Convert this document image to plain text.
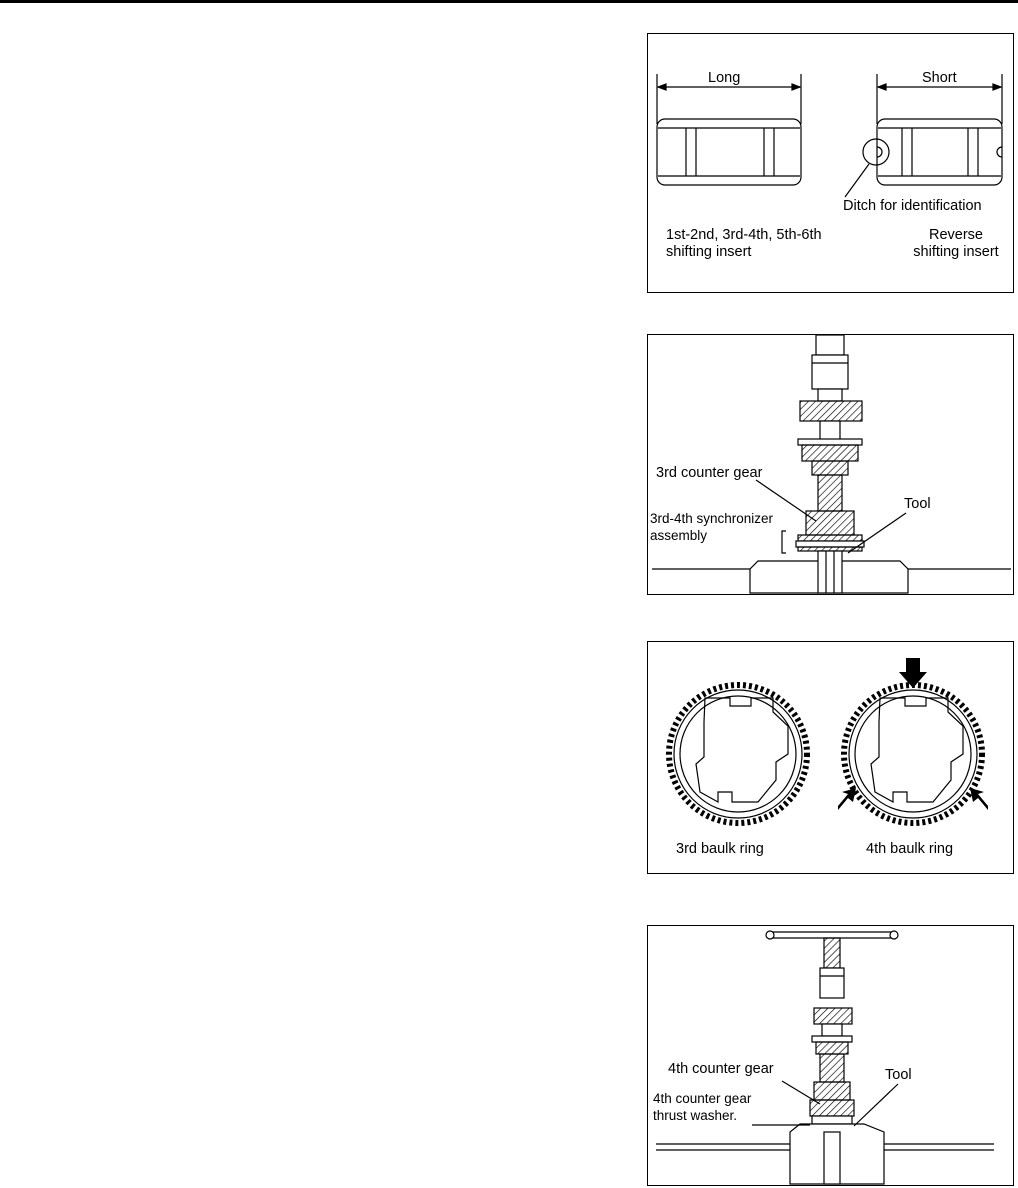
Long	Short
Ditch for identification
1st-2nd, 3rd-4th, 5th-6th
shifting insert
Reverse
shifting insert
3rd counter gear
Tool
3rd-4th synchronizer
assembly
3rd baulk ring	4th baulk ring
4th counter gear
4th counter gear
thrust washer.
Tool
